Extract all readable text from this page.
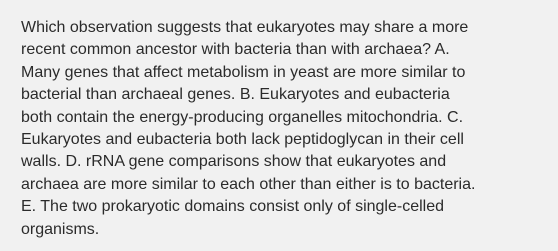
Which observation suggests that eukaryotes may share a more
recent common ancestor with bacteria than with archaea? A.
Many genes that affect metabolism in yeast are more similar to
bacterial than archaeal genes. B. Eukaryotes and eubacteria
both contain the energy-producing organelles mitochondria. C.
Eukaryotes and eubacteria both lack peptidoglycan in their cell
walls. D. rRNA gene comparisons show that eukaryotes and
archaea are more similar to each other than either is to bacteria.
E. The two prokaryotic domains consist only of single-celled
organisms.
